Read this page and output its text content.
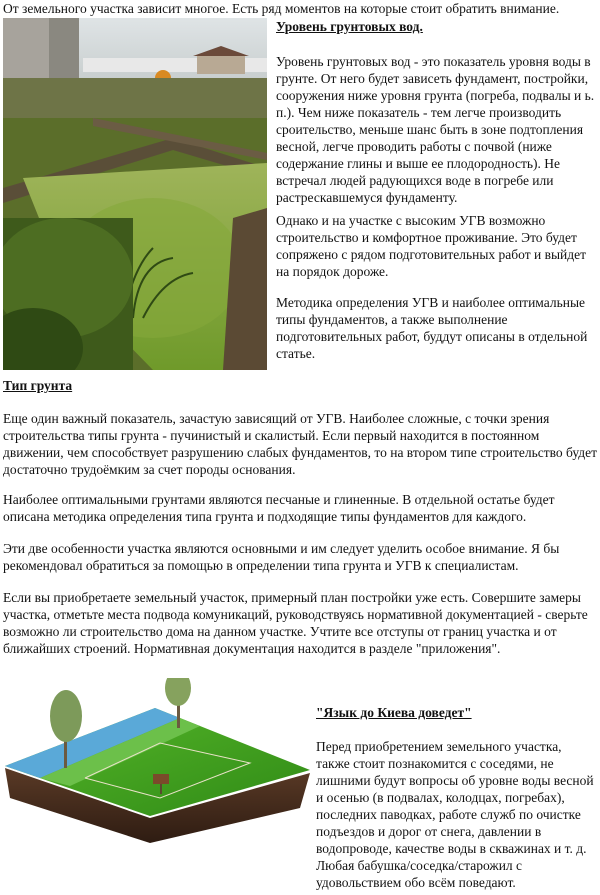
От земельного участка зависит многое. Есть ряд моментов на которые стоит обратить внимание.

Уровень грунтовых вод.

Уровень грунтовых вод - это показатель уровня воды в грунте. От него будет зависеть фундамент, постройки, сооружения ниже уровня грунта (погреба, подвалы и ь. п.). Чем ниже показатель - тем легче производить сроительство, меньше шанс быть в зоне подтопления весной, легче проводить работы с почвой (ниже содержание глины и выше ее плодородность). Не встречал людей радующихся воде в погребе или растрескавшемуся фундаменту.

Однако и на участке с высоким УГВ возможно строительство и комфортное проживание. Это будет сопряжено с рядом подготовительных работ и выйдет на порядок дороже.

Методика определения УГВ и наиболее оптимальные типы фундаментов, а также выполнение подготовительных работ, буддут описаны в отдельной статье.

Тип грунта

Еще один важный показатель, зачастую зависящий от УГВ. Наиболее сложные, с точки зрения строительства типы грунта - пучинистый и скалистый. Если первый находится в постоянном движении, чем способствует разрушению слабых фундаментов, то на втором типе строительство будет достаточно трудоёмким за счет породы основания.

Наиболее оптимальными грунтами являются песчаные и глиненные. В отдельной остатье будет описана методика определения типа грунта и подходящие типы фундаментов для каждого.

Эти две особенности участка являются основными и им следует уделить особое внимание. Я бы рекомендовал обратиться за помощью в определении типа грунта и УГВ к специалистам.

Если вы приобретаете земельный участок, примерный план постройки уже есть. Совершите замеры участка, отметьте места подвода комуникаций, руководствуясь нормативной документацией - сверьте возможно ли строительство дома на данном участке. Учтите все отступы от границ участка и от ближайших строений. Нормативная документация находится в разделе "приложения".

"Язык до Киева доведет"

Перед приобретением земельного участка, также стоит познакомится с соседями, не лишними будут вопросы об уровне воды весной и осенью (в подвалах, колодцах, погребах), последних паводках, работе служб по очистке подъездов и дорог от снега, давлении в водопроводе, качестве воды в скважинах и т. д. Любая бабушка/соседка/старожил с удовольствием обо всём поведают.
